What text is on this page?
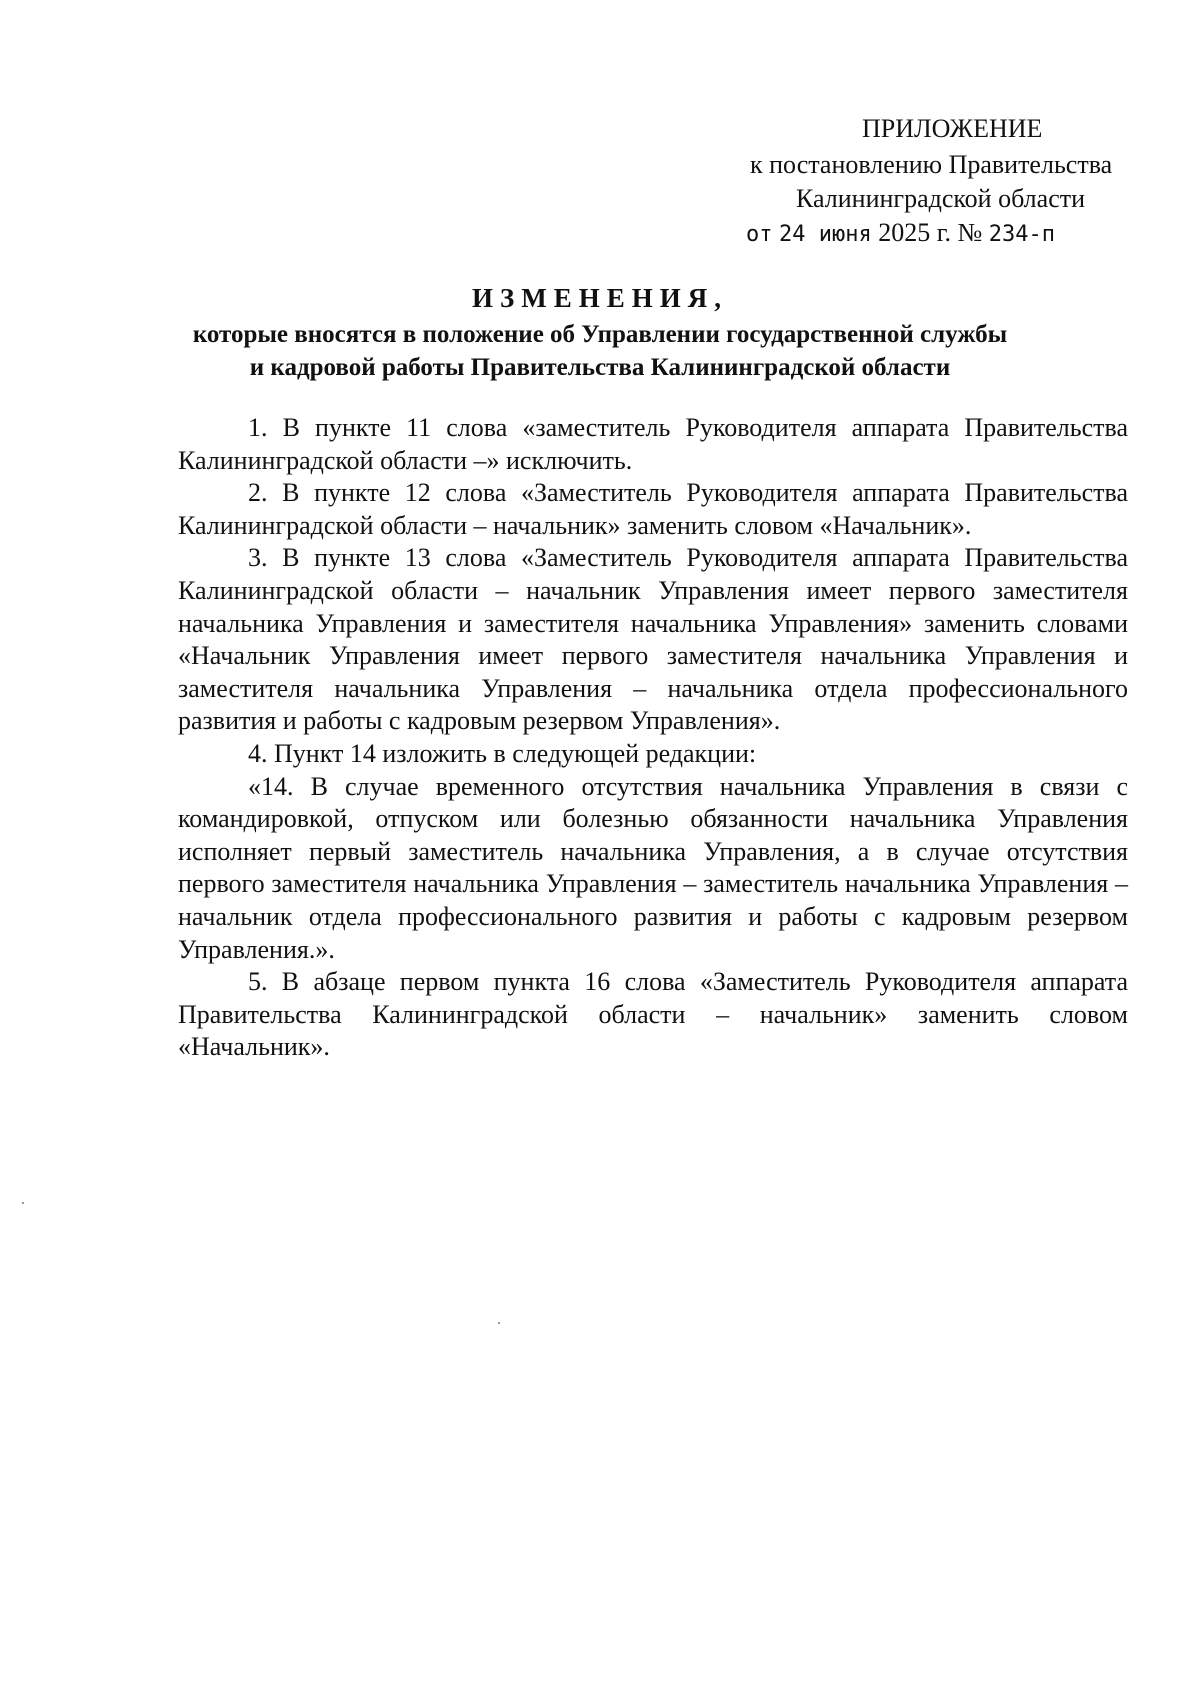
ПРИЛОЖЕНИЕ
к постановлению Правительства
Калининградской области
от 24 июня 2025 г. № 234-п
ИЗМЕНЕНИЯ,
которые вносятся в положение об Управлении государственной службы
и кадровой работы Правительства Калининградской области

1. В пункте 11 слова «заместитель Руководителя аппарата Правительства Калининградской области –» исключить.

2. В пункте 12 слова «Заместитель Руководителя аппарата Правительства Калининградской области – начальник» заменить словом «Начальник».

3. В пункте 13 слова «Заместитель Руководителя аппарата Правительства Калининградской области – начальник Управления имеет первого заместителя начальника Управления и заместителя начальника Управления» заменить словами «Начальник Управления имеет первого заместителя начальника Управления и заместителя начальника Управления – начальника отдела профессионального развития и работы с кадровым резервом Управления».

4. Пункт 14 изложить в следующей редакции:

«14. В случае временного отсутствия начальника Управления в связи с командировкой, отпуском или болезнью обязанности начальника Управления исполняет первый заместитель начальника Управления, а в случае отсутствия первого заместителя начальника Управления – заместитель начальника Управления – начальник отдела профессионального развития и работы с кадровым резервом Управления.».

5. В абзаце первом пункта 16 слова «Заместитель Руководителя аппарата Правительства Калининградской области – начальник» заменить словом «Начальник».
